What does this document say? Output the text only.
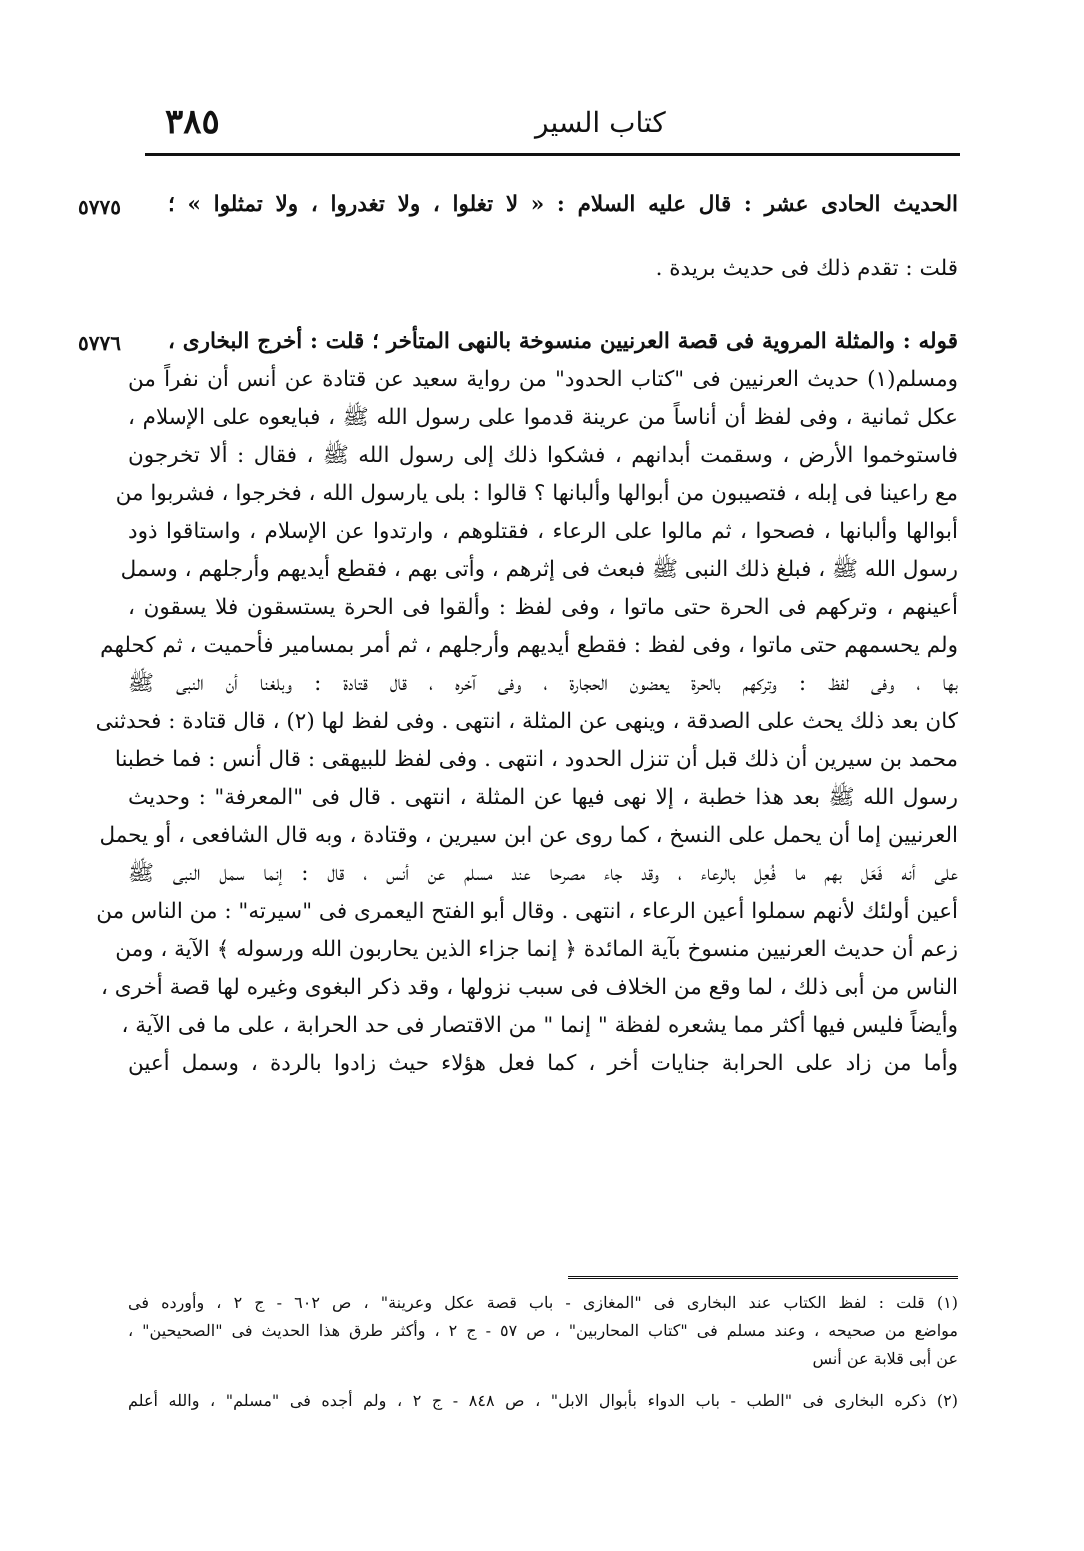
٣٨٥	كتاب السير
٥٧٧٥ الحديث الحادى عشر : قال عليه السلام : « لا تغلوا ، ولا تغدروا ، ولا تمثلوا » ؛
قلت : تقدم ذلك فى حديث بريدة .
٥٧٧٦ قوله : والمثلة المروية فى قصة العرنيين منسوخة بالنهى المتأخر ؛ قلت : أخرج البخارى ،
ومسلم(١) حديث العرنيين فى "كتاب الحدود" من رواية سعيد عن قتادة عن أنس أن نفراً من
عكل ثمانية ، وفى لفظ أن أناساً من عرينة قدموا على رسول الله ﷺ ، فبايعوه على الإسلام ،
فاستوخموا الأرض ، وسقمت أبدانهم ، فشكوا ذلك إلى رسول الله ﷺ ، فقال : ألا تخرجون
مع راعينا فى إبله ، فتصيبون من أبوالها وألبانها ؟ قالوا : بلى يارسول الله ، فخرجوا ، فشربوا من
أبوالها وألبانها ، فصحوا ، ثم مالوا على الرعاء ، فقتلوهم ، وارتدوا عن الإسلام ، واستاقوا ذود
رسول الله ﷺ ، فبلغ ذلك النبى ﷺ فبعث فى إثرهم ، وأتى بهم ، فقطع أيديهم وأرجلهم ، وسمل
أعينهم ، وتركهم فى الحرة حتى ماتوا ، وفى لفظ : وألقوا فى الحرة يستسقون فلا يسقون ،
ولم يحسمهم حتى ماتوا ، وفى لفظ : فقطع أيديهم وأرجلهم ، ثم أمر بمسامير فأحميت ، ثم كحلهم
بها ، وفى لفظ : وتركهم بالحرة يعضون الحجارة ، وفى آخره ، قال قتادة : وبلغنا أن النبى ﷺ
كان بعد ذلك يحث على الصدقة ، وينهى عن المثلة ، انتهى . وفى لفظ لها (٢) ، قال قتادة : فحدثنى
محمد بن سيرين أن ذلك قبل أن تنزل الحدود ، انتهى . وفى لفظ للبيهقى : قال أنس : فما خطبنا
رسول الله ﷺ بعد هذا خطبة ، إلا نهى فيها عن المثلة ، انتهى . قال فى "المعرفة" : وحديث
العرنيين إما أن يحمل على النسخ ، كما روى عن ابن سيرين ، وقتادة ، وبه قال الشافعى ، أو يحمل
على أنه فَعَل بهم ما فُعِل بالرعاء ، وقد جاء مصرحا عند مسلم عن أنس ، قال : إنما سمل النبى ﷺ
أعين أولئك لأنهم سملوا أعين الرعاء ، انتهى . وقال أبو الفتح اليعمرى فى "سيرته" : من الناس من
زعم أن حديث العرنيين منسوخ بآية المائدة ﴿ إنما جزاء الذين يحاربون الله ورسوله ﴾ الآية ، ومن
الناس من أبى ذلك ، لما وقع من الخلاف فى سبب نزولها ، وقد ذكر البغوى وغيره لها قصة أخرى ،
وأيضاً فليس فيها أكثر مما يشعره لفظة " إنما " من الاقتصار فى حد الحرابة ، على ما فى الآية ،
وأما من زاد على الحرابة جنايات أخر ، كما فعل هؤلاء حيث زادوا بالردة ، وسمل أعين
(١) قلت : لفظ الكتاب عند البخارى فى "المغازى - باب قصة عكل وعرينة" ، ص ٦٠٢ - ج ٢ ، وأورده فى
مواضع من صحيحه ، وعند مسلم فى "كتاب المحاربين" ، ص ٥٧ - ج ٢ ، وأكثر طرق هذا الحديث فى "الصحيحين" ،
عن أبى قلابة عن أنس
(٢) ذكره البخارى فى "الطب - باب الدواء بأبوال الابل" ، ص ٨٤٨ - ج ٢ ، ولم أجده فى "مسلم" ، والله أعلم
